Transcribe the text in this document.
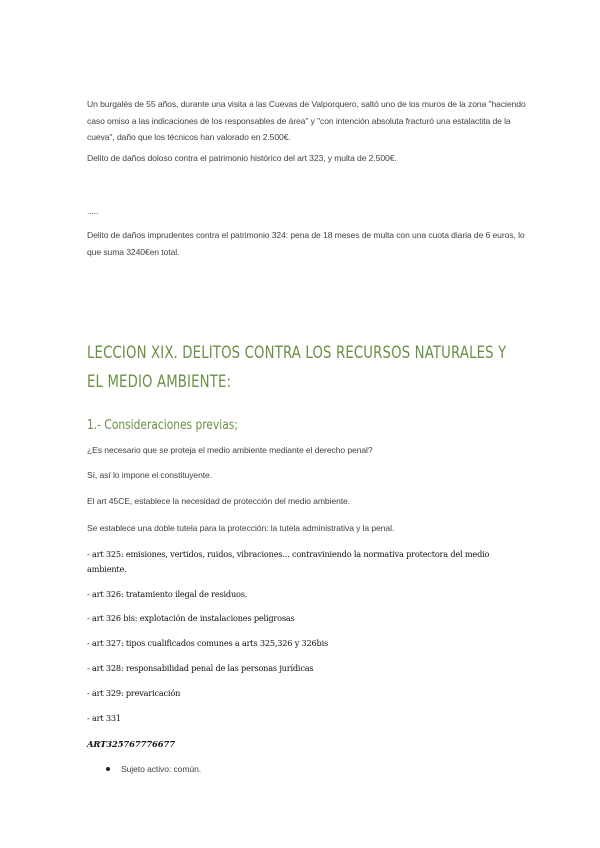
Un burgalés de 55 años, durante una visita a las Cuevas de Valporquero, saltó uno de los muros de la zona "haciendo caso omiso a las indicaciones de los responsables de área" y "con intención absoluta fracturó una estalactita de la cueva", daño que los técnicos han valorado en 2.500€.
Delito de daños doloso contra el patrimonio histórico del art 323, y multa de 2.500€.
.....
Delito de daños imprudentes contra el patrimonio 324: pena de 18 meses de multa con una cuota diaria de 6 euros, lo que suma 3240€en total.
LECCION XIX. DELITOS CONTRA LOS RECURSOS NATURALES Y EL MEDIO AMBIENTE:
1.- Consideraciones previas;
¿Es necesario que se proteja el medio ambiente mediante el derecho penal?
Sí, así lo impone el constituyente.
El art 45CE, establece la necesidad de protección del medio ambiente.
Se establece una doble tutela para la protección: la tutela administrativa y la penal.
- art 325: emisiones, vertidos, ruidos, vibraciones... contraviniendo la normativa protectora del medio ambiente.
- art 326: tratamiento ilegal de residuos.
- art 326 bis: explotación de instalaciones peligrosas
- art 327: tipos cualificados comunes a arts 325,326 y 326bis
- art 328: responsabilidad penal de las personas jurídicas
- art 329: prevaricación
- art 331
ART325767776677
Sujeto activo: común.
